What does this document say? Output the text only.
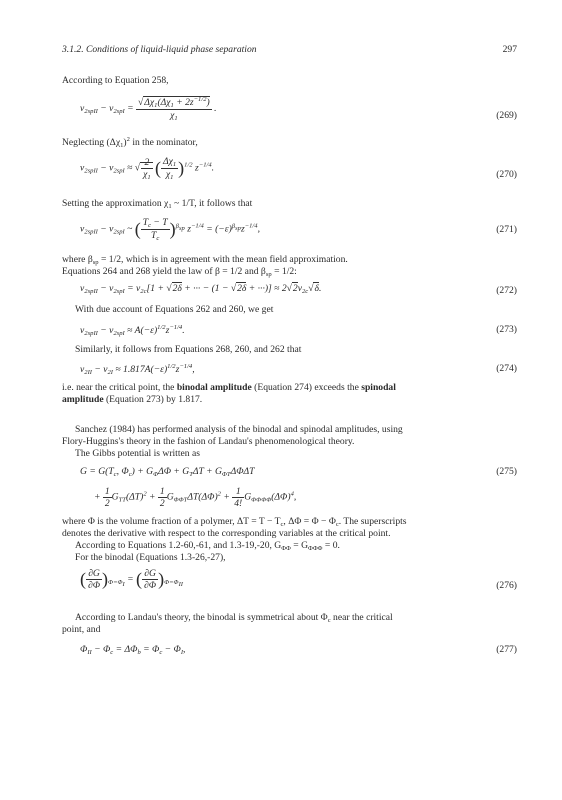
3.1.2. Conditions of liquid-liquid phase separation	297
According to Equation 258,
$v_{2spII} - v_{2spI} = \frac{√\Delta\chi_1(\Delta\chi_1 + 2z^{-1/2})}{\chi_1}$ .
(269)
Neglecting $(\Delta\chi_1)^2$ in the nominator,
$v_{2spII} - v_{2spI}$ ≈ √ $\frac{2}{\chi_1}$ ( $\frac{\Delta\chi_1}{\chi_1} )^{1/2}$ $z^{-1/4}$.
(270)
Setting the approximation $\chi_1$ ~ 1/T, it follows that
$v_{2spII} - v_{2spI}$ ~ ( $\frac{T_c - T}{T_c} )^{\beta sp}$ $z^{-1/4} = (-\varepsilon)^{\beta sp}z^{-1/4}$,	(271)
where $\beta_{sp} = 1/2$, which is in agreement with the mean field approximation.
Equations 264 and 268 yield the law of β = 1/2 and $\beta_{sp} = 1/2$:
$v_{2spII} - v_{2spI} = v_{2c}[1 + √2\delta$ + ··· − (1 − √2δ + ···)] ≈ $2√2v_{2c}√\delta$.	(272)
With due account of Equations 262 and 260, we get
$v_{2spII} - v_{2spI} \approx A(-\varepsilon)^{1/2}z^{-1/4}$.	(273)
Similarly, it follows from Equations 268, 260, and 262 that
$v_{2II} - v_{2I} \approx 1.817A(-\varepsilon)^{1/2}z^{-1/4}$,	(274)
i.e. near the critical point, the binodal amplitude (Equation 274) exceeds the spinodal
amplitude (Equation 273) by 1.817.
Sanchez (1984) has performed analysis of the binodal and spinodal amplitudes, using
Flory-Huggins's theory in the fashion of Landau's phenomenological theory.
The Gibbs potential is written as
$G = G(T_c$, $\Phi_c) + G_\Phi\Delta\Phi + G_T\Delta T + G_{\Phi T}\Delta\Phi\Delta T$	(275)
+ $\frac{1}{2} G_{TT}(\Delta T)^2 + \frac{1}{2} G_{\Phi\Phi T}\Delta T(\Delta\Phi)^2 + \frac{1}{4!} G_{\Phi\Phi\Phi\Phi}(\Delta\Phi)^4$,
where Φ is the volume fraction of a polymer, $\Delta T = T - T_c$, $\Delta\Phi = \Phi - \Phi_c$. The superscripts
denotes the derivative with respect to the corresponding variables at the critical point.
According to Equations 1.2-60,-61, and 1.3-19,-20, $G_{\Phi\Phi} = G_{\Phi\Phi\Phi} = 0$.
For the binodal (Equations 1.3-26,-27),
( $\frac{\partial G}{\partial\Phi} )_{\Phi=\Phi I}$ = ( $\frac{\partial G}{\partial\Phi} )_{\Phi=\Phi II}$	(276)
According to Landau's theory, the binodal is symmetrical about $\Phi_c$ near the critical
point, and
$\Phi_{II} - \Phi_c = \Delta\Phi_b = \Phi_c - \Phi_I$,	(277)
